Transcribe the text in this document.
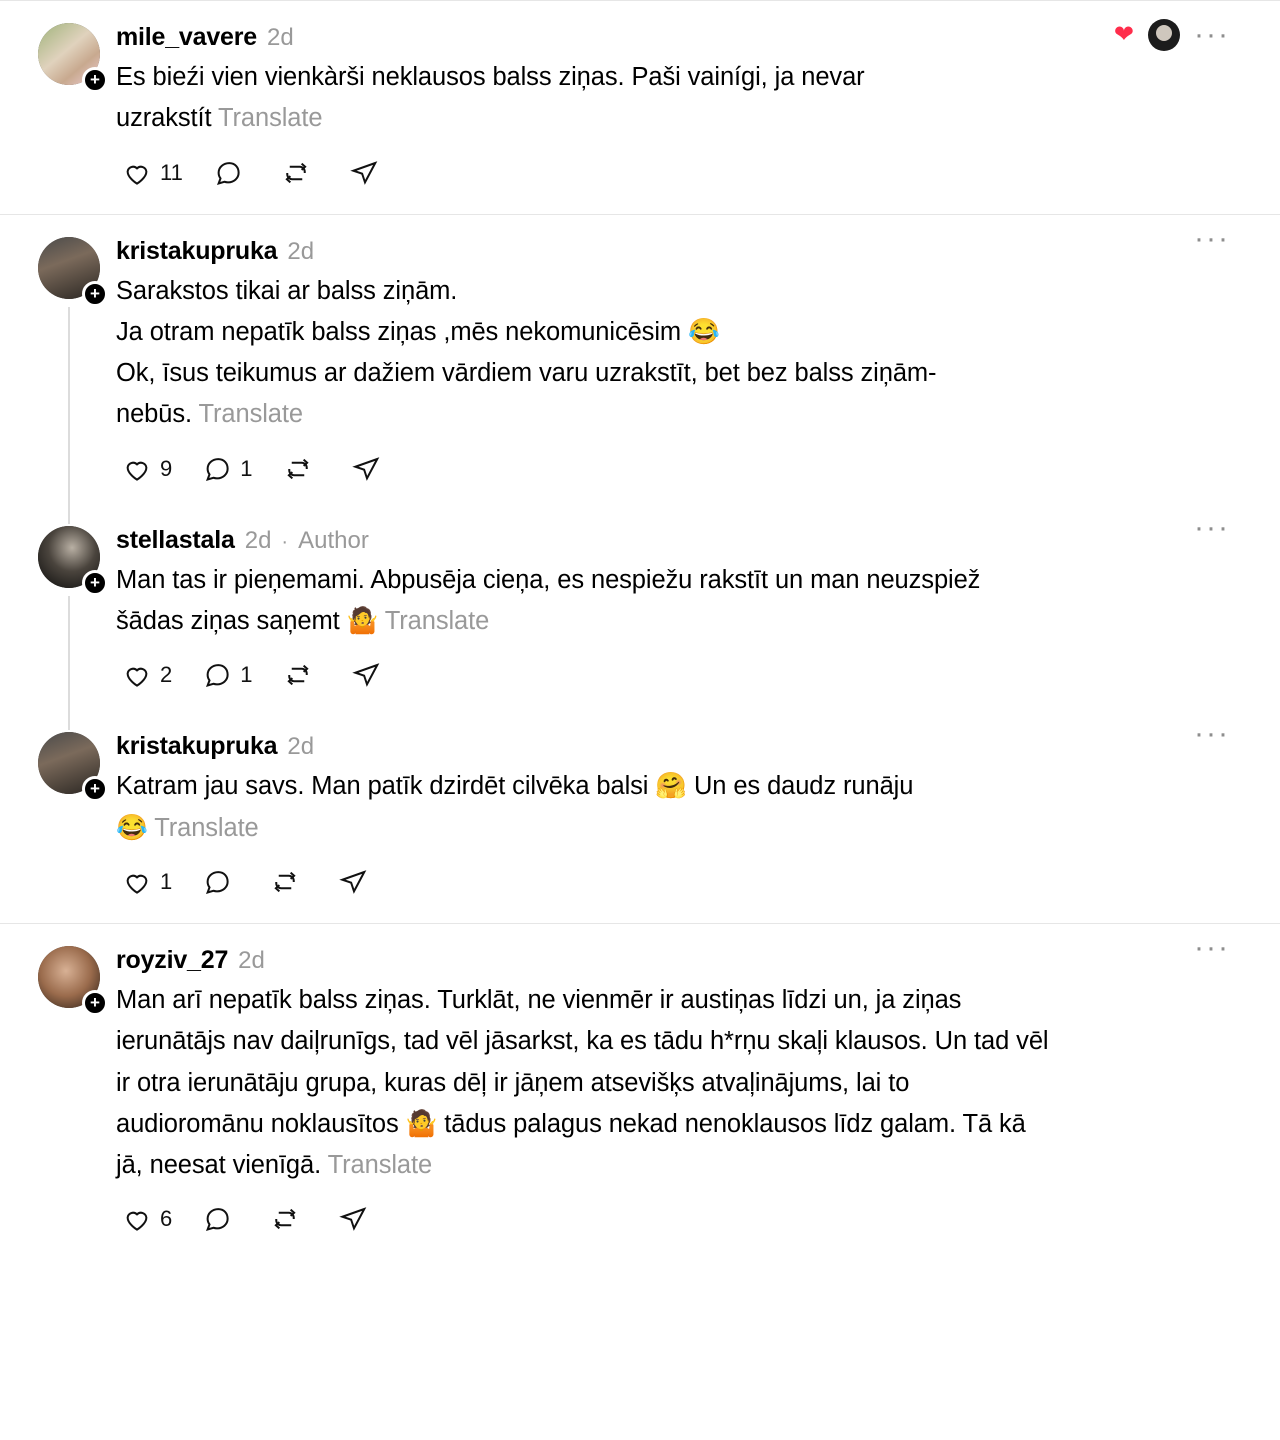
+
mile_vavere 2d	❤ ···
Es bieźi vien vienkàrši neklausos balss ziņas. Paši vainígi, ja nevar
uzrakstít Translate
11
+
kristakupruka 2d	···
Sarakstos tikai ar balss ziņām.
Ja otram nepatīk balss ziņas ,mēs nekomunicēsim 😂
Ok, īsus teikumus ar dažiem vārdiem varu uzrakstīt, bet bez balss ziņām-
nebūs. Translate
9	1
+
stellastala 2d · Author	···
Man tas ir pieņemami. Abpusēja cieņa, es nespiežu rakstīt un man neuzspiež
šādas ziņas saņemt 🤷 Translate
2	1
+
kristakupruka 2d	···
Katram jau savs. Man patīk dzirdēt cilvēka balsi 🤗 Un es daudz runāju
😂 Translate
1
+
royziv_27 2d	···
Man arī nepatīk balss ziņas. Turklāt, ne vienmēr ir austiņas līdzi un, ja ziņas
ierunātājs nav daiļrunīgs, tad vēl jāsarkst, ka es tādu h*rņu skaļi klausos. Un tad vēl
ir otra ierunātāju grupa, kuras dēļ ir jāņem atsevišķs atvaļinājums, lai to
audioromānu noklausītos 🤷 tādus palagus nekad nenoklausos līdz galam. Tā kā
jā, neesat vienīgā. Translate
6
